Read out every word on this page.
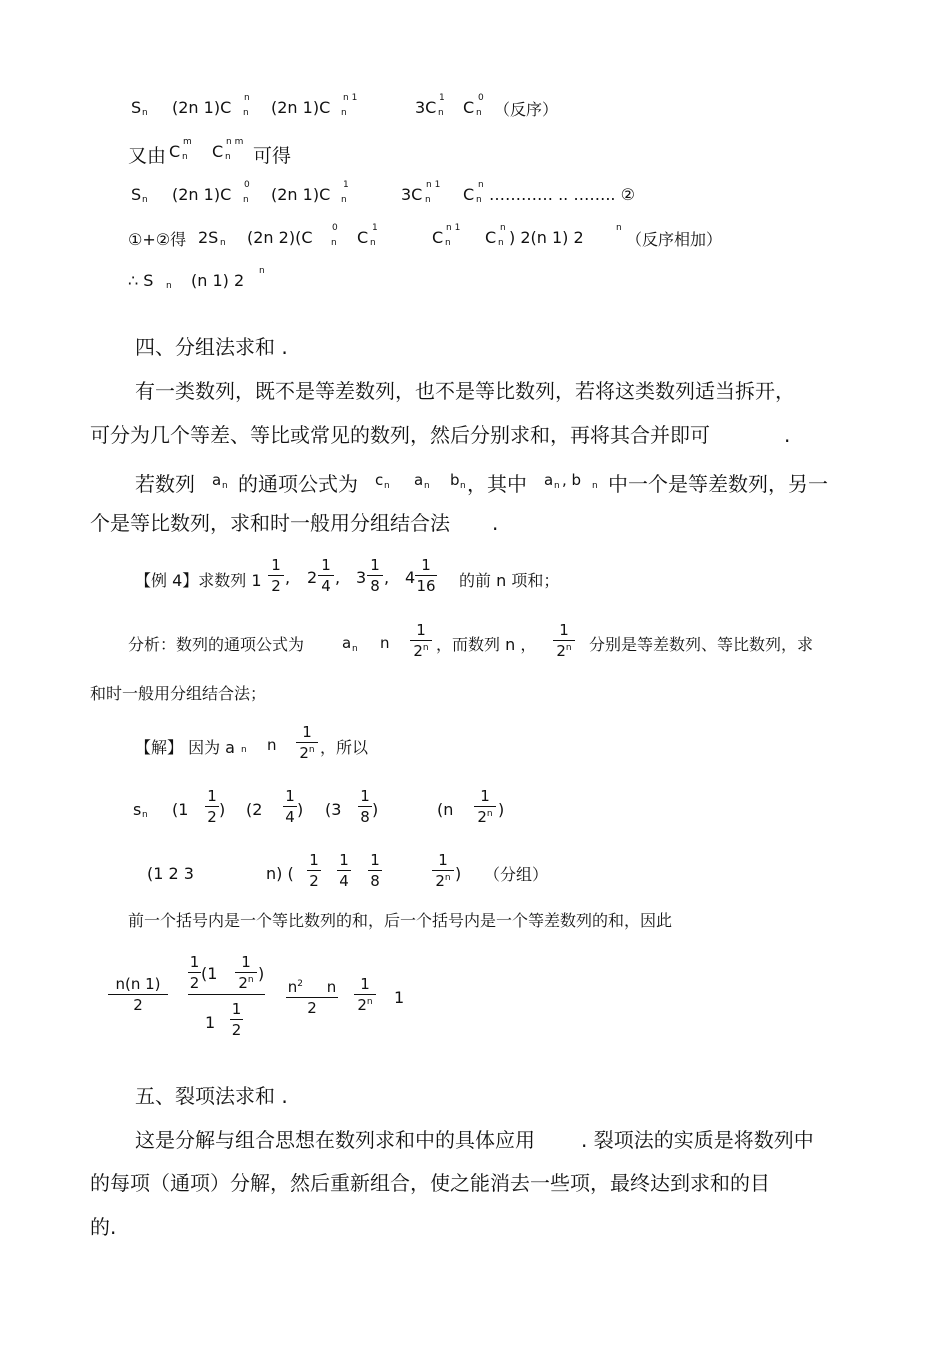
S n (2n 1)C n
n (2n 1)C n
n 1	3C n
1 C n
0
（反序）
又由 C n
m C n
n m
可得
S n (2n 1)C n
0 (2n 1)C n
1	3C n
n 1 C n
n ………… .. …….. ②
①+②得 2S n (2n 2)(C n
0 C n
1	C n
n 1 C n
n ) 2(n 1) 2	n
（反序相加）
∴ S n (n 1) 2 n
四、分组法求和 .
有一类数列，既不是等差数列，也不是等比数列，若将这类数列适当拆开，
可分为几个等差、等比或常见的数列，然后分别求和，再将其合并即可	.
若数列 a n 的通项公式为 c n a n b n ，其中 a n , b n 中一个是等差数列，另一
个是等比数列，求和时一般用分组结合法 .
【例 4】求数列 1
1
2 , 2
1
4 , 3
1
8 , 4
1
16 的前 n 项和；
分析：数列的通项公式为	a n n
1
2$^n$ ，而数列 n ，
1
2$^n$ 分别是等差数列、等比数列，求
和时一般用分组结合法；
【解】 因为 a n n
1
2$^n$ ，所以
s n (1
1
2 ) (2
1
4 ) (3
1
8 )	(n
1
2$^n$ )
(1 2 3	n) (
1
2
1
4
1
8
1
2$^n$ ) （分组）
前一个括号内是一个等比数列的和，后一个括号内是一个等差数列的和，因此
n(n 1)
2
1
2 (1
1
2$^n$ )
1
1
2
$n^2$ n
2
1
2$^n$ 1
五、裂项法求和 .
这是分解与组合思想在数列求和中的具体应用 . 裂项法的实质是将数列中
的每项（通项）分解，然后重新组合，使之能消去一些项，最终达到求和的目
的.
